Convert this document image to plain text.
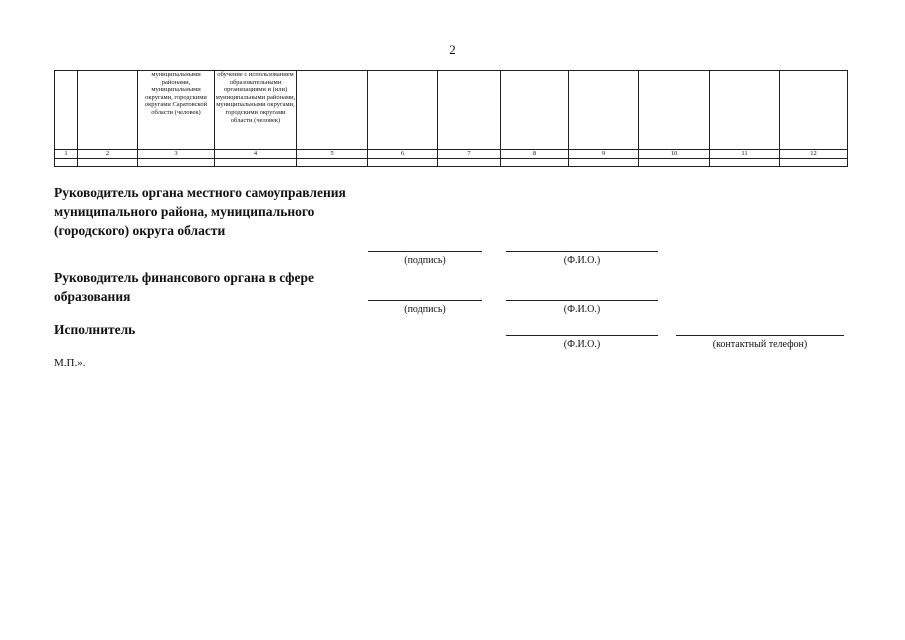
2
		муниципальными районами, муниципальными округами, городскими округами Саратовской области (человек)	обучение с использованием образовательными организациями и (или) муниципальными районами, муниципальными округами, городскими округами области (человек)								
1	2	3	4	5	6	7	8	9	10	11	12

Руководитель органа местного самоуправления муниципального района, муниципального (городского) округа области

(подпись)	(Ф.И.О.)

Руководитель финансового органа в сфере образования

(подпись)	(Ф.И.О.)

Исполнитель

(Ф.И.О.)	(контактный телефон)
М.П.».
